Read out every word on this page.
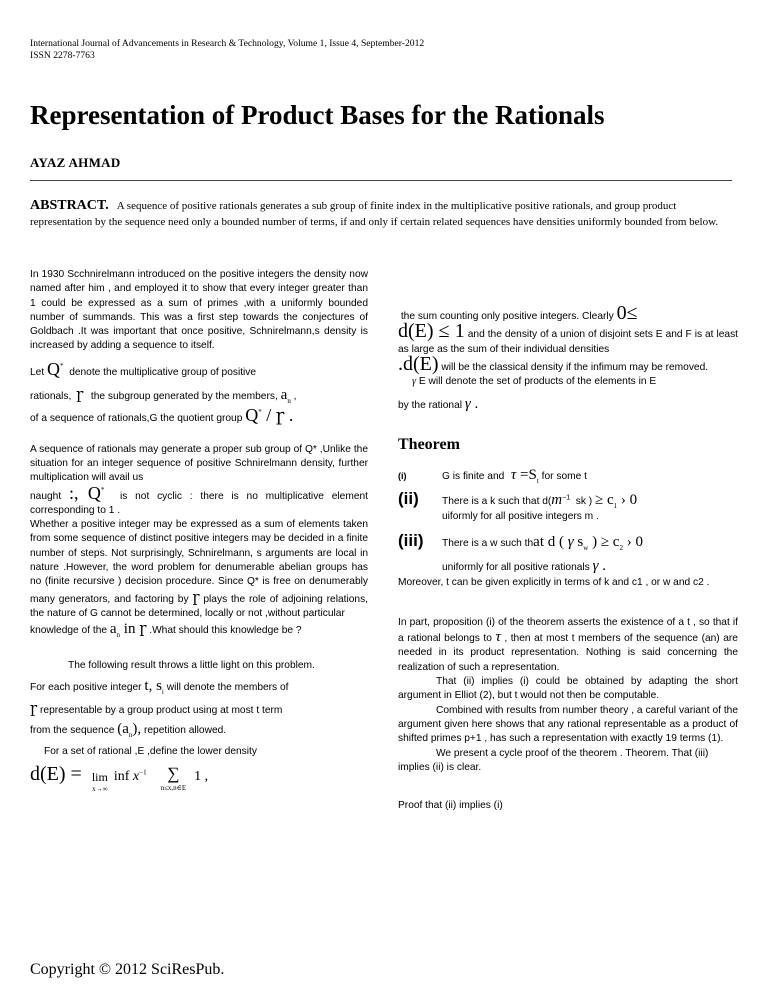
International Journal of Advancements in Research & Technology, Volume 1, Issue 4, September-2012
ISSN 2278-7763
Representation of Product Bases for the Rationals
AYAZ AHMAD
ABSTRACT. A sequence of positive rationals generates a sub group of finite index in the multiplicative positive rationals, and group product representation by the sequence need only a bounded number of terms, if and only if certain related sequences have densities uniformly bounded from below.

In 1930 Scchnirelmann introduced on the positive integers the density now named after him , and employed it to show that every integer greater than 1 could be expressed as a sum of primes ,with a uniformly bounded number of summands. This was a first step towards the conjectures of Goldbach .It was important that once positive, Schnirelmann,s density is increased by adding a sequence to itself.

Let Q*  denote the multiplicative group of positive
rationals, ɼ  the subgroup generated by the members, $a_n$ ,
of a sequence of rationals,G the quotient group Q* / ɼ .

A sequence of rationals may generate a proper sub group of Q* ,Unlike the situation for an integer sequence of positive Schnirelmann density, further multiplication will avail us
naught :, Q*  is not cyclic : there is no multiplicative element corresponding to 1 .

Whether a positive integer may be expressed as a sum of elements taken from some sequence of distinct positive integers may be decided in a finite number of steps. Not surprisingly, Schnirelmann, s arguments are local in nature .However, the word problem for denumerable abelian groups has no (finite recursive ) decision procedure. Since Q* is free on denumerably many generators, and factoring by ɼ plays the role of adjoining relations, the nature of G cannot be determined, locally or not ,without particular
knowledge of the $a_n$ in ɼ .What should this knowledge be ?

The following result throws a little light on this problem.

For each positive integer t, $s_i$ will denote the members of
ɼ representable by a group product using at most t term
from the sequence $(a_n)$, repetition allowed.

For a set of rational ,E ,define the lower density

d(E) = lim
x→∞
inf $x^{-1}$ ∑
n≤x,n∈E
1 ,

the sum counting only positive integers. Clearly 0≤
d(E) ≤ 1 and the density of a union of disjoint sets E and F is at least as large as the sum of their individual densities
.d(E) will be the classical density if the infimum may be removed.

γ E will denote the set of products of the elements in E

by the rational γ .

Theorem
(i)	G is finite and $\tau =S_t$ for some t
(ii)	There is a k such that $d(m^{-1}$  sk ) ≥ $c_1$ › 0
uiformly for all positive integers m .
(iii)	There is a w such that d ( γ $s_w$ ) ≥ $c_2$ › 0

uniformly for all positive rationals γ .

Moreover, t can be given explicitly in terms of k and c1 , or w and c2 .

In part, proposition (i) of the theorem asserts the existence of a t , so that if a rational belongs to τ , then at most t members of the sequence (an) are needed in its product representation. Nothing is said concerning the realization of such a representation.

That (ii) implies (i) could be obtained by adapting the short argument in Elliot (2), but t would not then be computable.

Combined with results from number theory , a careful variant of the argument given here shows that any rational representable as a product of shifted primes p+1 , has such a representation with exactly 19 terms (1).

We present a cycle proof of the theorem . Theorem. That (iii) implies (ii) is clear.

Proof that (ii) implies (i)

Copyright © 2012 SciResPub.
